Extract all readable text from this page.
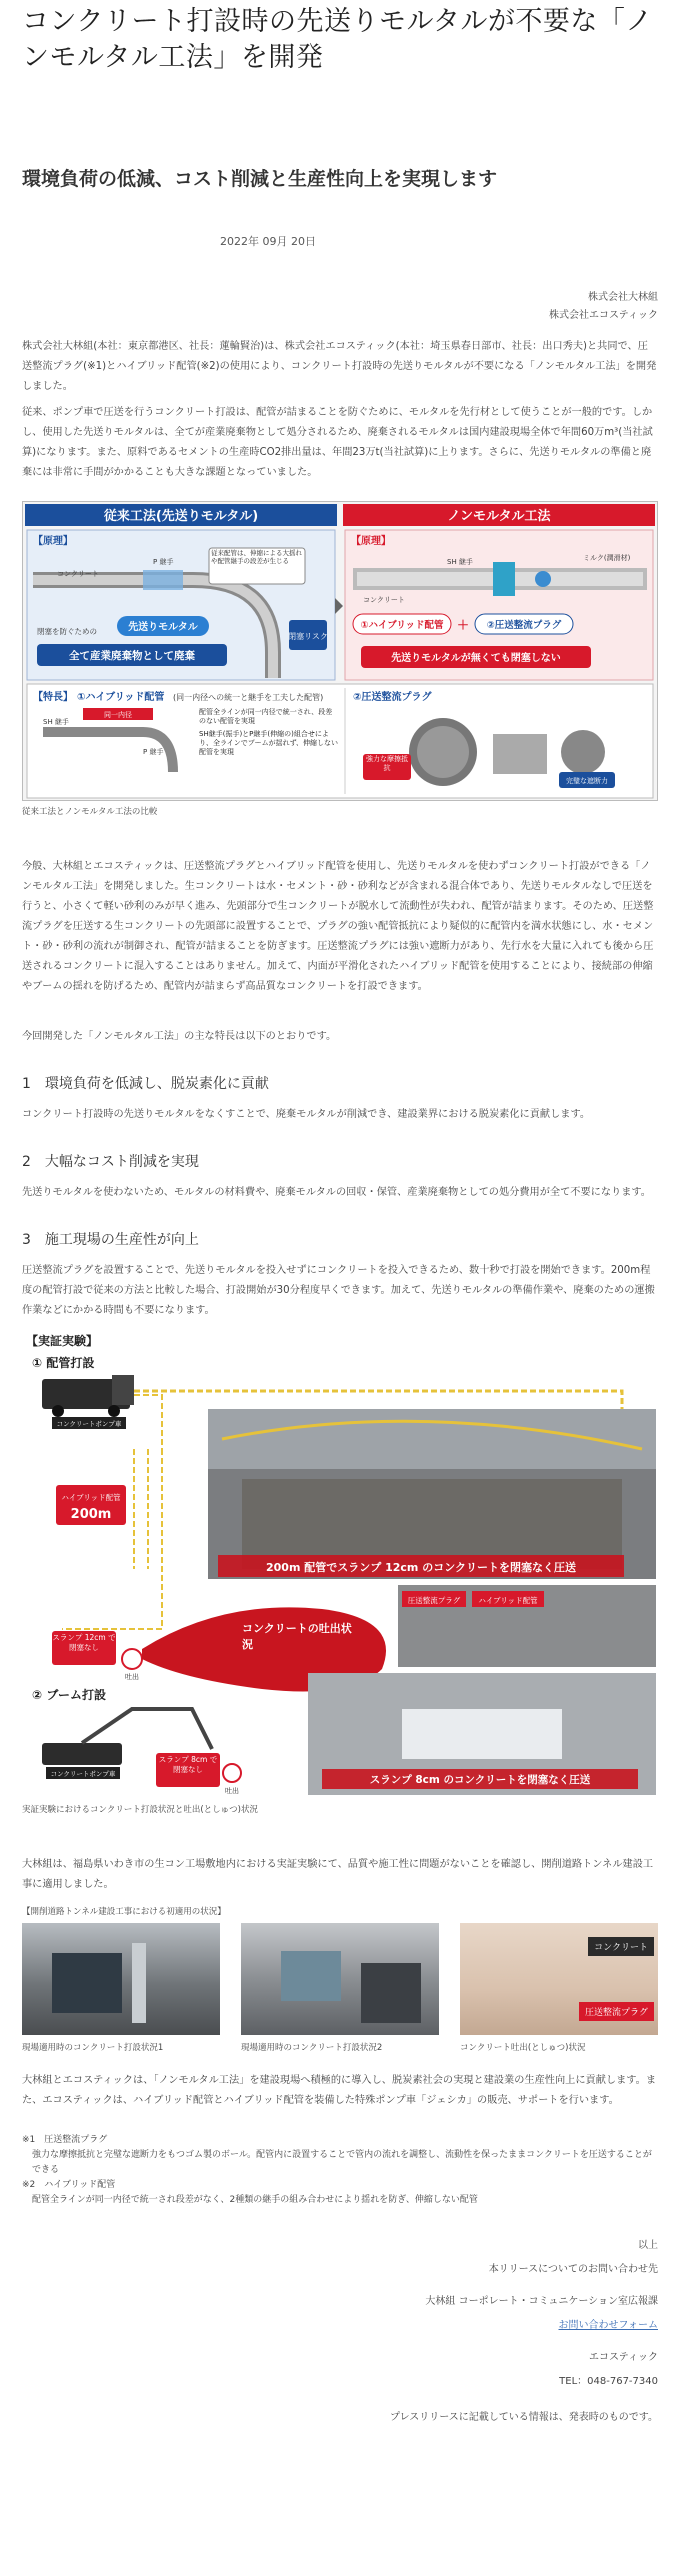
コンクリート打設時の先送りモルタルが不要な「ノンモルタル工法」を開発
環境負荷の低減、コスト削減と生産性向上を実現します
2022年 09月 20日
株式会社大林組
株式会社エコスティック

株式会社大林組(本社：東京都港区、社長：蓮輪賢治)は、株式会社エコスティック(本社：埼玉県春日部市、社長：出口秀夫)と共同で、圧送整流プラグ(※1)とハイブリッド配管(※2)の使用により、コンクリート打設時の先送りモルタルが不要になる「ノンモルタル工法」を開発しました。

従来、ポンプ車で圧送を行うコンクリート打設は、配管が詰まることを防ぐために、モルタルを先行材として使うことが一般的です。しかし、使用した先送りモルタルは、全てが産業廃棄物として処分されるため、廃棄されるモルタルは国内建設現場全体で年間60万m³(当社試算)になります。また、原料であるセメントの生産時CO2排出量は、年間23万t(当社試算)に上ります。さらに、先送りモルタルの準備と廃棄には非常に手間がかかることも大きな課題となっていました。

従来工法(先送りモルタル)	ノンモルタル工法
【原理】
コンクリート
P 継手
従来配管は、伸縮による大揺れや配管継手の段差が生じる
閉塞リスク
先送りモルタル
閉塞を防ぐための
全て産業廃棄物として廃棄
【原理】
SH 継手	ミルク(潤滑材)
コンクリート
①ハイブリッド配管 ＋ ②圧送整流プラグ
先送りモルタルが無くても閉塞しない
【特長】 ①ハイブリッド配管 (同一内径への統一と継手を工夫した配管)
同一内径
SH 継手
P 継手
配管全ラインが同一内径で統一され、段差のない配管を実現
SH継手(振手)とP継手(伸縮の)組合せにより、全ラインでブームが揺れず、伸縮しない配管を実現
②圧送整流プラグ
強力な摩擦抵抗
完璧な遮断力
従来工法とノンモルタル工法の比較

今般、大林組とエコスティックは、圧送整流プラグとハイブリッド配管を使用し、先送りモルタルを使わずコンクリート打設ができる「ノンモルタル工法」を開発しました。生コンクリートは水・セメント・砂・砂利などが含まれる混合体であり、先送りモルタルなしで圧送を行うと、小さくて軽い砂利のみが早く進み、先頭部分で生コンクリートが脱水して流動性が失われ、配管が詰まります。そのため、圧送整流プラグを圧送する生コンクリートの先頭部に設置することで、プラグの強い配管抵抗により疑似的に配管内を満水状態にし、水・セメント・砂・砂利の流れが制御され、配管が詰まることを防ぎます。圧送整流プラグには強い遮断力があり、先行水を大量に入れても後から圧送されるコンクリートに混入することはありません。加えて、内面が平滑化されたハイブリッド配管を使用することにより、接続部の伸縮やブームの揺れを防げるため、配管内が詰まらず高品質なコンクリートを打設できます。

今回開発した「ノンモルタル工法」の主な特長は以下のとおりです。

1 環境負荷を低減し、脱炭素化に貢献

コンクリート打設時の先送りモルタルをなくすことで、廃棄モルタルが削減でき、建設業界における脱炭素化に貢献します。

2 大幅なコスト削減を実現

先送りモルタルを使わないため、モルタルの材料費や、廃棄モルタルの回収・保管、産業廃棄物としての処分費用が全て不要になります。

3 施工現場の生産性が向上

圧送整流プラグを設置することで、先送りモルタルを投入せずにコンクリートを投入できるため、数十秒で打設を開始できます。200m程度の配管打設で従来の方法と比較した場合、打設開始が30分程度早くできます。加えて、先送りモルタルの準備作業や、廃棄のための運搬作業などにかかる時間も不要になります。

【実証実験】
① 配管打設
コンクリートポンプ車
ハイブリッド配管
200m
200m 配管でスランプ 12cm のコンクリートを閉塞なく圧送
スランプ 12cm で閉塞なし
吐出
コンクリートの吐出状況
圧送整流プラグ ハイブリッド配管
② ブーム打設
コンクリートポンプ車
スランプ 8cm で閉塞なし
吐出
スランプ 8cm のコンクリートを閉塞なく圧送
実証実験におけるコンクリート打設状況と吐出(としゅつ)状況

大林組は、福島県いわき市の生コン工場敷地内における実証実験にて、品質や施工性に問題がないことを確認し、開削道路トンネル建設工事に適用しました。

【開削道路トンネル建設工事における初適用の状況】
現場適用時のコンクリート打設状況1	現場適用時のコンクリート打設状況2
コンクリート
圧送整流プラグ
コンクリート吐出(としゅつ)状況

大林組とエコスティックは、「ノンモルタル工法」を建設現場へ積極的に導入し、脱炭素社会の実現と建設業の生産性向上に貢献します。また、エコスティックは、ハイブリッド配管とハイブリッド配管を装備した特殊ポンプ車「ジェシカ」の販売、サポートを行います。

※1　圧送整流プラグ
強力な摩擦抵抗と完璧な遮断力をもつゴム製のボール。配管内に設置することで管内の流れを調整し、流動性を保ったままコンクリートを圧送することができる
※2　ハイブリッド配管
配管全ラインが同一内径で統一され段差がなく、2種類の継手の組み合わせにより揺れを防ぎ、伸縮しない配管
以上
本リリースについてのお問い合わせ先
大林組 コーポレート・コミュニケーション室広報課
お問い合わせフォーム
エコスティック
TEL：048-767-7340
プレスリリースに記載している情報は、発表時のものです。
